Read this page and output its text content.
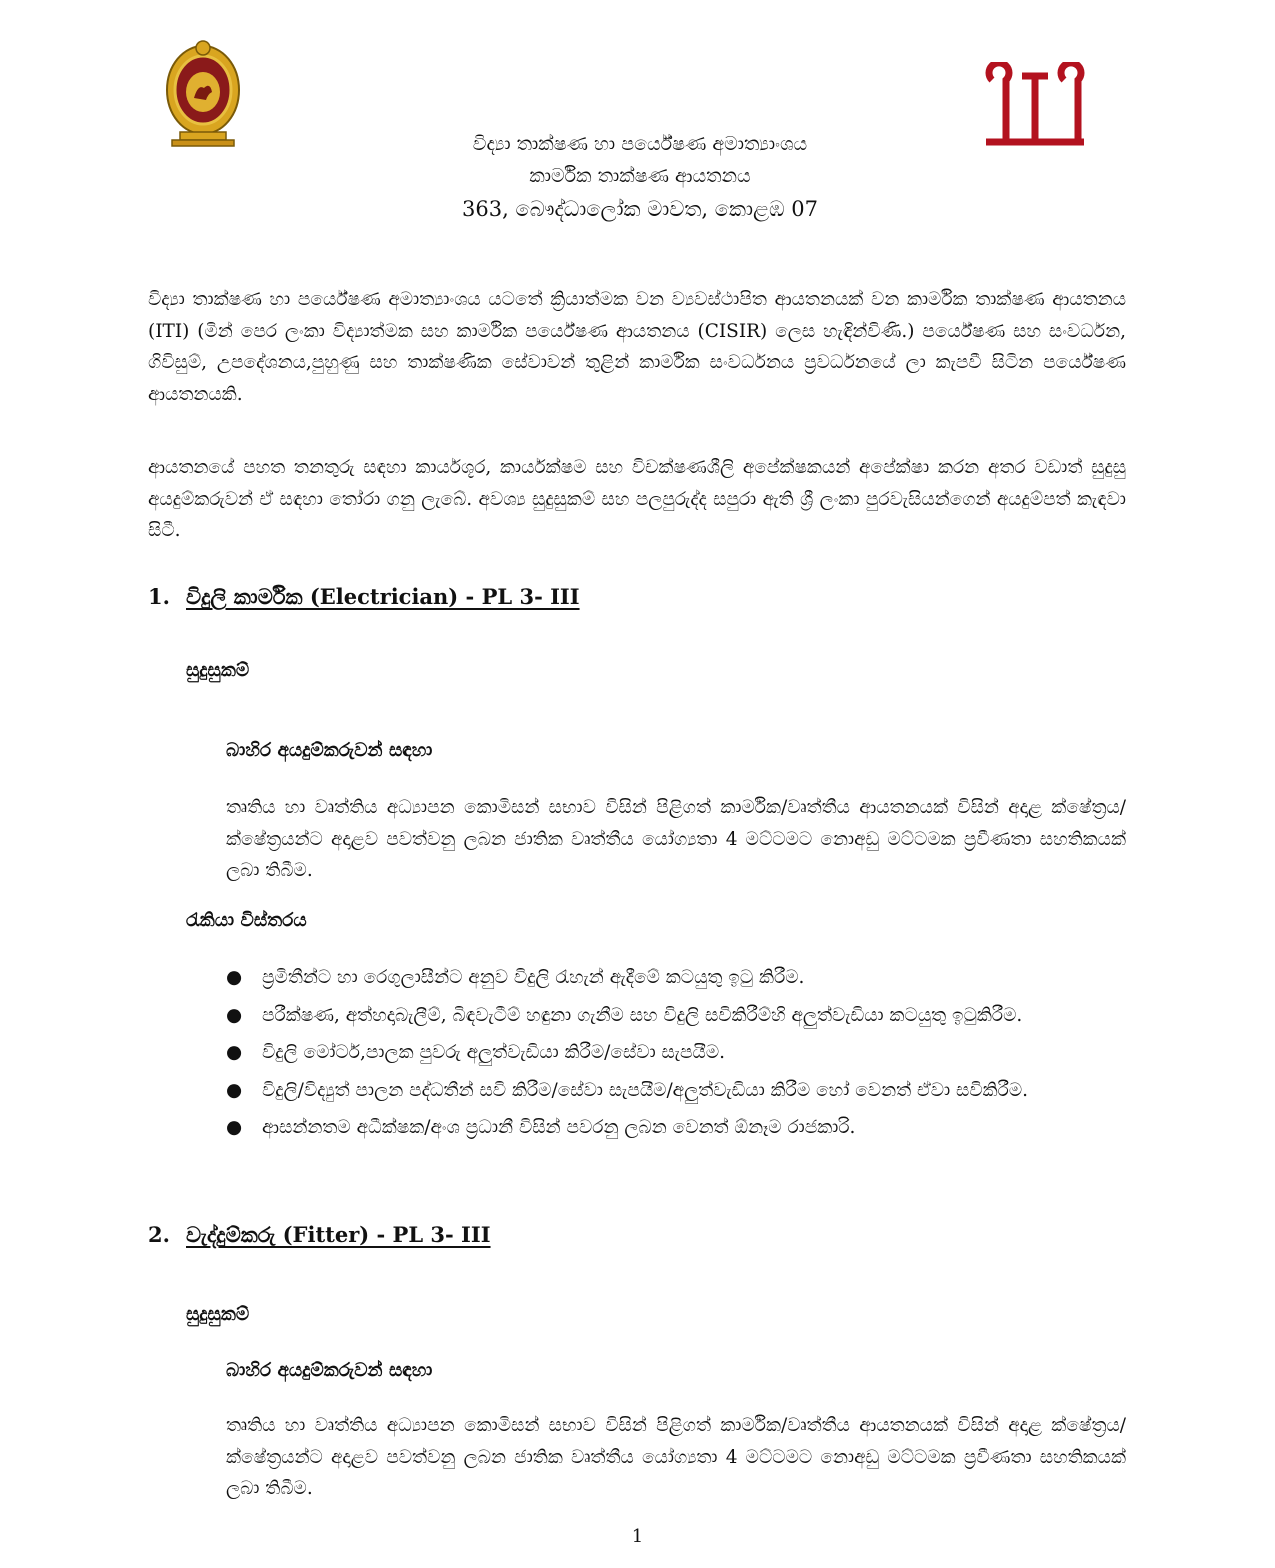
විද්‍යා තාක්ෂණ හා පර්යේෂණ අමාත්‍යාංශය
කාර්මික තාක්ෂණ ආයතනය
363, බෞද්ධාලෝක මාවත, කොළඹ 07
විද්‍යා තාක්ෂණ හා පර්යේෂණ අමාත්‍යාංශය යටතේ ක්‍රියාත්මක වන ව්‍යවස්ථාපිත ආයතනයක් වන කාර්මික තාක්ෂණ ආයතනය (ITI) (මින් පෙර ලංකා විද්‍යාත්මක සහ කාර්මික පර්යේෂණ ආයතනය (CISIR) ලෙස හැඳින්විණි.) පර්යේෂණ සහ සංවර්ධන, ගිවිසුම්, උපදේශනය,පුහුණු සහ තාක්ෂණික සේවාවන් තුළින් කාර්මික සංවර්ධනය ප්‍රවර්ධනයේ ලා කැපවී සිටින පර්යේෂණ ආයතනයකි.
ආයතනයේ පහත තනතුරු සඳහා කාර්යශූර, කාර්යක්ෂම සහ විචක්ෂණශීලි අපේක්ෂකයන් අපේක්ෂා කරන අතර වඩාත් සුදුසු අයදුම්කරුවන් ඒ සඳහා තෝරා ගනු ලැබේ. අවශ්‍ය සුදුසුකම් සහ පලපුරුද්ද සපුරා ඇති ශ්‍රී ලංකා පුරවැසියන්ගෙන් අයදුම්පත් කැඳවා සිටී.
1. විදුලි කාර්මික (Electrician) - PL 3- III
සුදුසුකම්
බාහිර අයදුම්කරුවන් සඳහා
තෘතිය හා වෘත්තිය අධ්‍යාපන කොමිසන් සභාව විසින් පිළිගත් කාර්මික/වෘත්තීය ආයතනයක් විසින් අදාළ ක්ෂේත්‍රය/ක්ෂේත්‍රයන්ට අදාළව පවත්වනු ලබන ජාතික වෘත්තීය යෝග්‍යතා 4 මට්ටමට නොඅඩු මට්ටමක ප්‍රවීණතා සහතිකයක් ලබා තිබීම.
රැකියා විස්තරය
● ප්‍රමිතීන්ට හා රෙගුලාසීන්ට අනුව විදුලි රැහැන් ඇදීමේ කටයුතු ඉටු කිරීම.
● පරීක්ෂණ, අත්හදාබැලීම්, බිඳවැටීම් හඳුනා ගැනීම සහ විදුලි සවිකිරීම්හි අලුත්වැඩියා කටයුතු ඉටුකිරීම.
● විදුලි මෝටර්,පාලක පුවරු අලුත්වැඩියා කිරීම/සේවා සැපයීම.
● විදුලි/විද්‍යුත් පාලන පද්ධතීන් සවි කිරීම/සේවා සැපයීම/අලුත්වැඩියා කිරීම හෝ වෙනත් ඒවා සවිකිරීම.
● ආසන්නතම අධීක්ෂක/අංශ ප්‍රධානී විසින් පවරනු ලබන වෙනත් ඕනෑම රාජකාරි.
2. වැද්දුම්කරු (Fitter) - PL 3- III
සුදුසුකම්
බාහිර අයදුම්කරුවන් සඳහා
තෘතිය හා වෘත්තිය අධ්‍යාපන කොමිසන් සභාව විසින් පිළිගත් කාර්මික/වෘත්තීය ආයතනයක් විසින් අදාළ ක්ෂේත්‍රය/ක්ෂේත්‍රයන්ට අදාළව පවත්වනු ලබන ජාතික වෘත්තීය යෝග්‍යතා 4 මට්ටමට නොඅඩු මට්ටමක ප්‍රවීණතා සහතිකයක් ලබා තිබීම.
1
